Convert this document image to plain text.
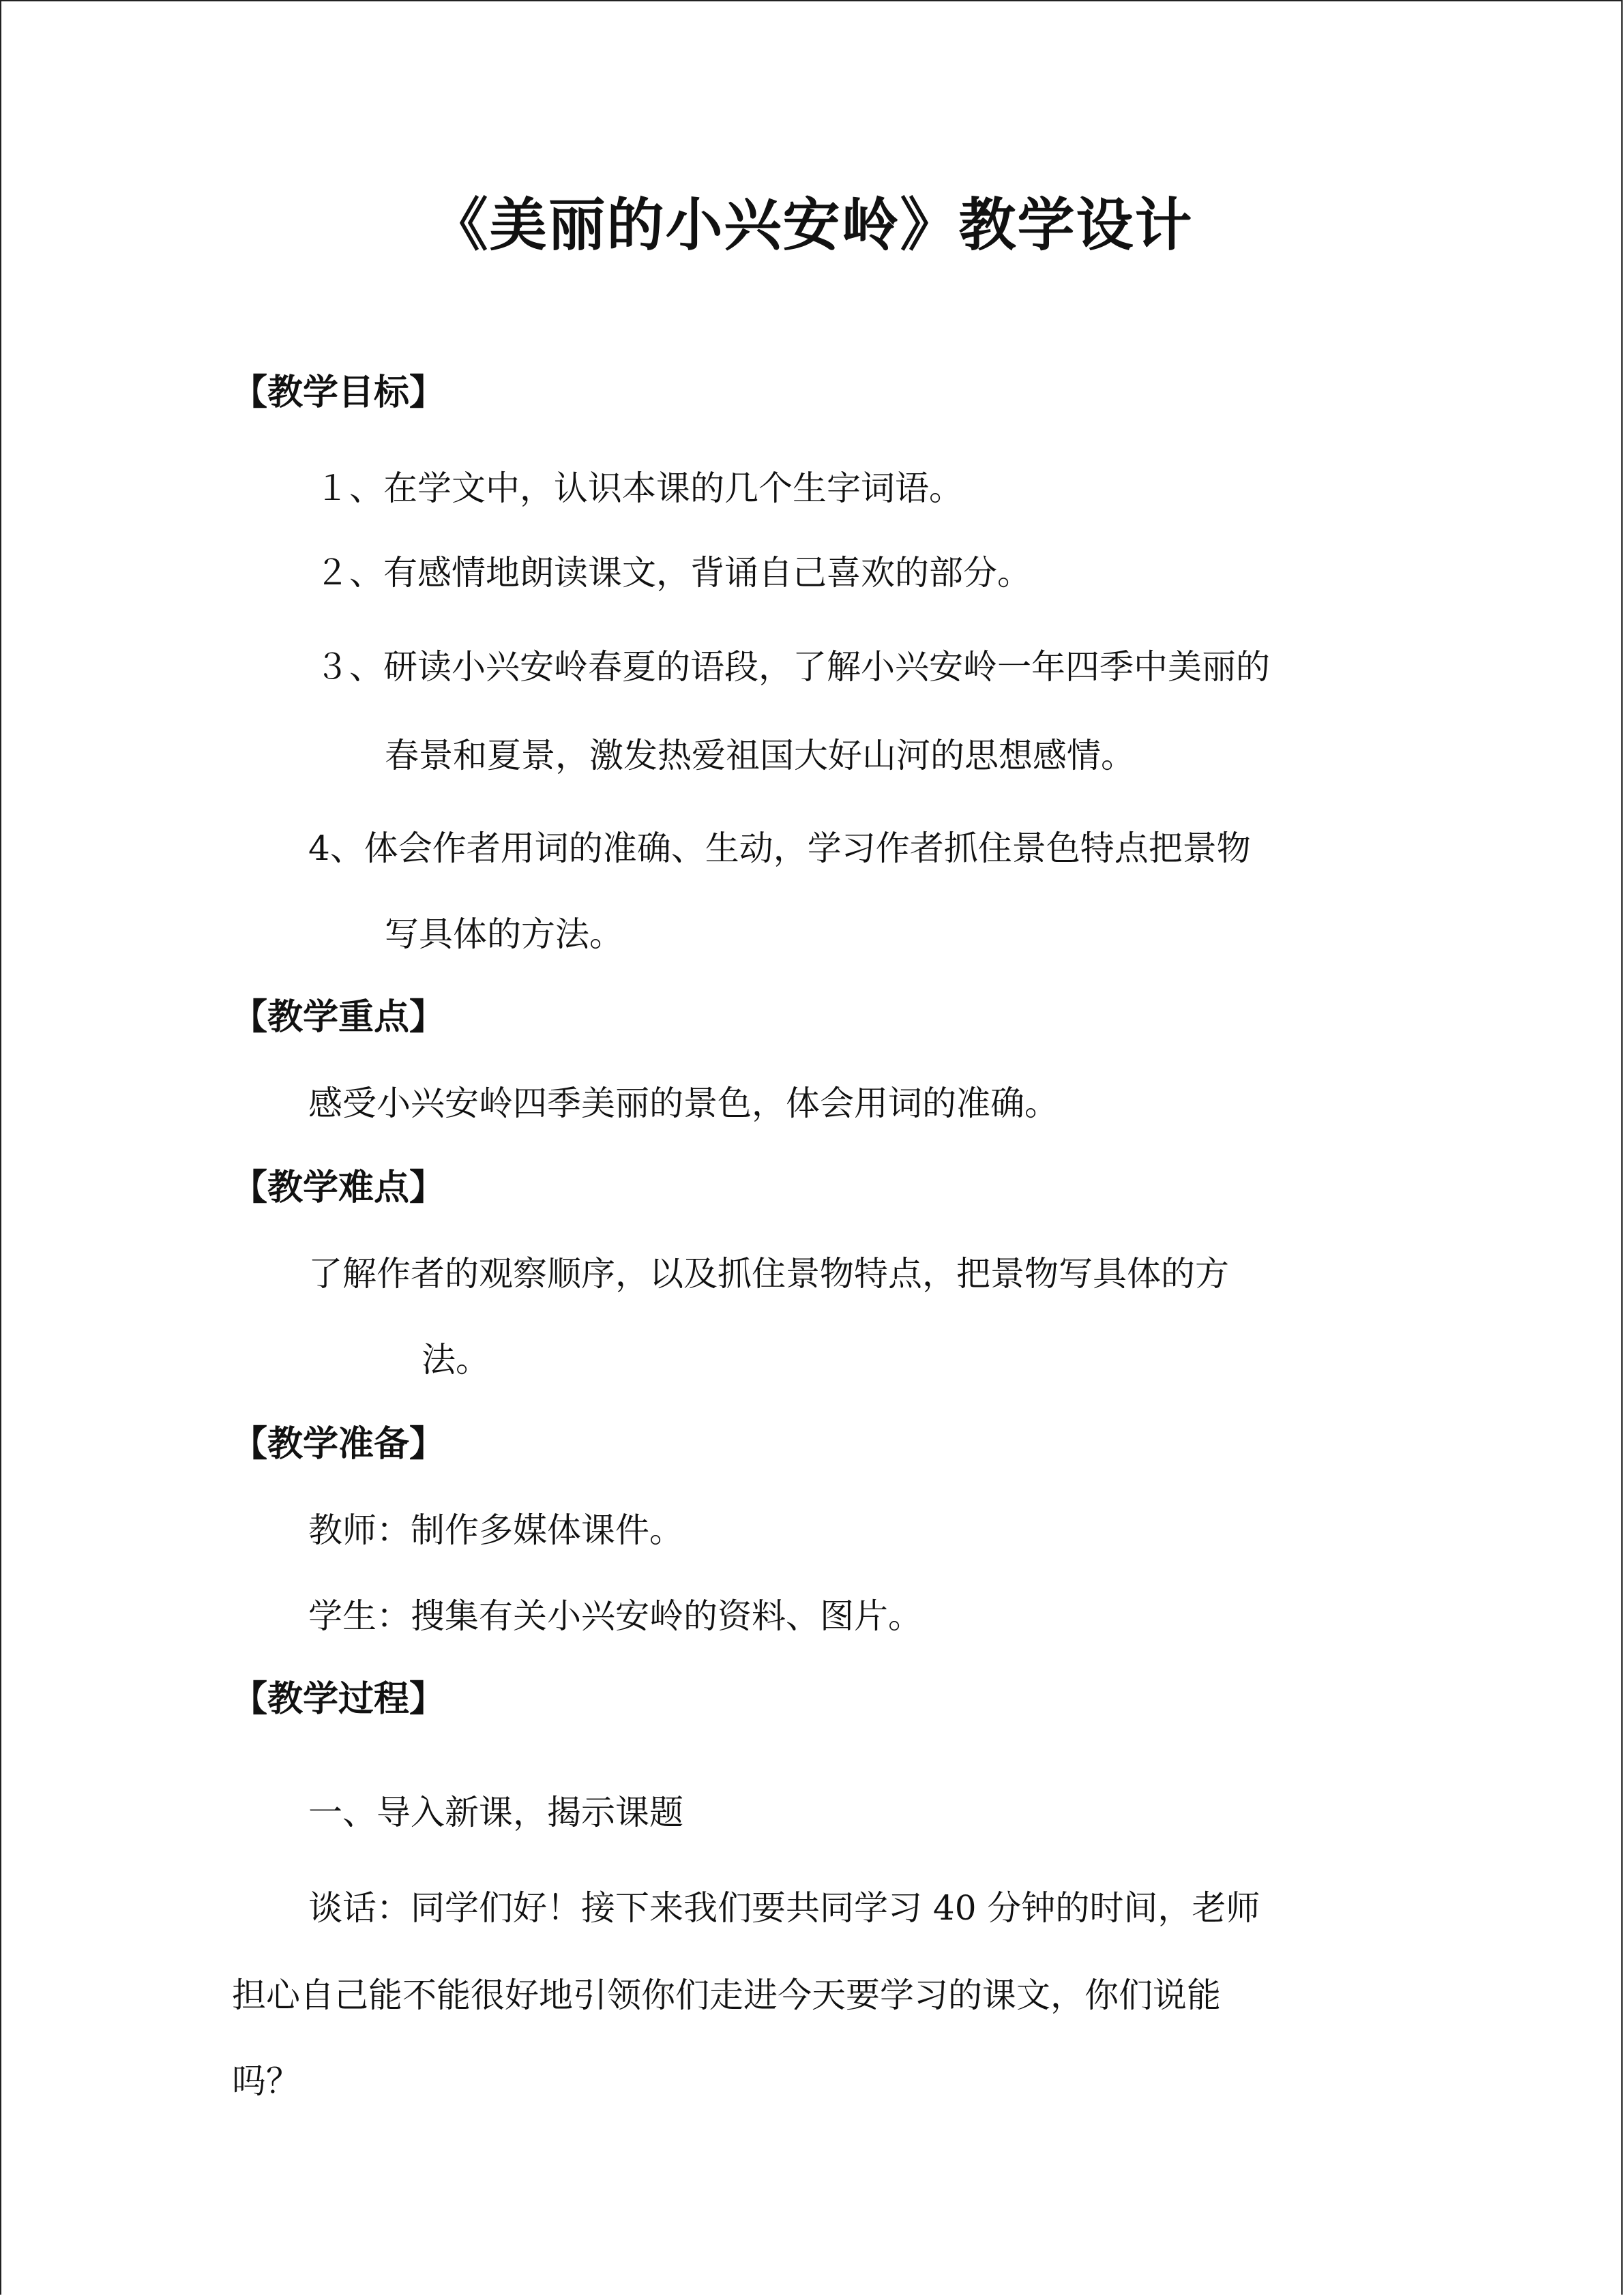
《美丽的小兴安岭》教学设计
【教学目标】
１、在学文中，认识本课的几个生字词语。
２、有感情地朗读课文，背诵自己喜欢的部分。
３、研读小兴安岭春夏的语段，了解小兴安岭一年四季中美丽的
春景和夏景，激发热爱祖国大好山河的思想感情。
4、体会作者用词的准确、生动，学习作者抓住景色特点把景物
写具体的方法。
【教学重点】
感受小兴安岭四季美丽的景色，体会用词的准确。
【教学难点】
了解作者的观察顺序，以及抓住景物特点，把景物写具体的方
法。
【教学准备】
教师：制作多媒体课件。
学生：搜集有关小兴安岭的资料、图片。
【教学过程】
一、导入新课，揭示课题
谈话：同学们好！接下来我们要共同学习 40 分钟的时间，老师
担心自己能不能很好地引领你们走进今天要学习的课文，你们说能
吗？
